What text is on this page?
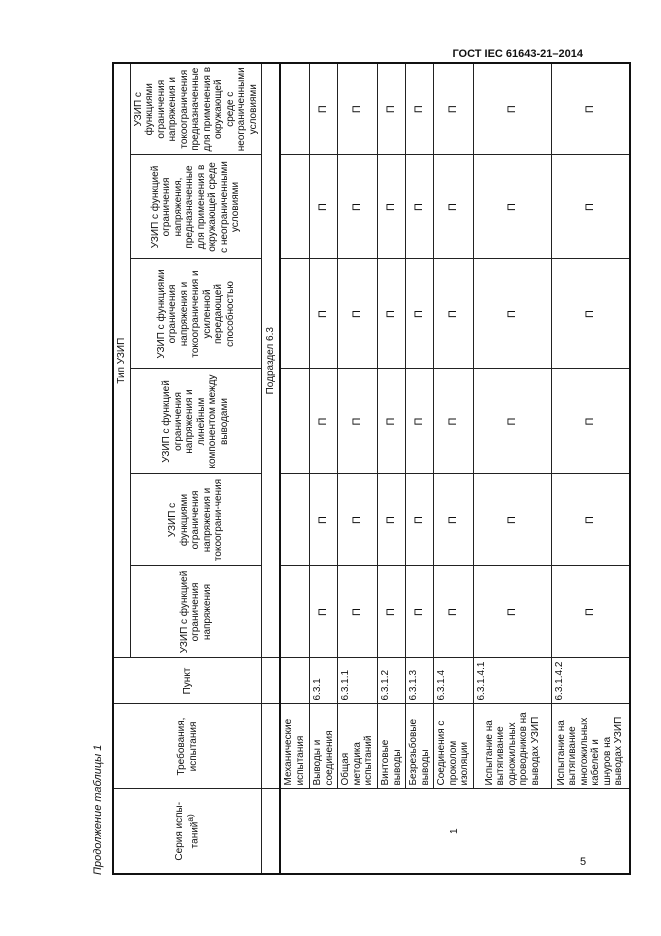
ГОСТ IEC 61643-21–2014
Продолжение таблицы 1	Серия испы-таний$^{а)}$	Требования, испытания	Пункт	Тип УЗИП					
			УЗИП с функцией ограничения напряжения	УЗИП с функциями ограничения напряжения и токоограни-чения	УЗИП с функцией ограничения напряжения и линейным компонентом между выводами	УЗИП с функциями ограничения напряжения и токоограничения и усиленной передающей способностью	УЗИП с функцией ограничения напряжения, предназначенные для применения в окружающей среде с неограниченными условиями	УЗИП с функциями ограничения напряжения и токоограничения предназначенные для применения в окружающей среде с неограниченными условиями
			Подраздел 6.3					
1	Механические испытания							
	Выводы и соединения	6.3.1	П	П	П	П	П	П
	Общая методика испытаний	6.3.1.1	П	П	П	П	П	П
	Винтовые выводы	6.3.1.2	П	П	П	П	П	П
	Безрезьбовые выводы	6.3.1.3	П	П	П	П	П	П
	Соединения с проколом изоляции	6.3.1.4	П	П	П	П	П	П
	Испытание на вытягивание одножильных проводников на выводах УЗИП	6.3.1.4.1	П	П	П	П	П	П
	Испытание на вытягивание многожильных кабелей и шнуров на выводах УЗИП	6.3.1.4.2	П	П	П	П	П	П
5
